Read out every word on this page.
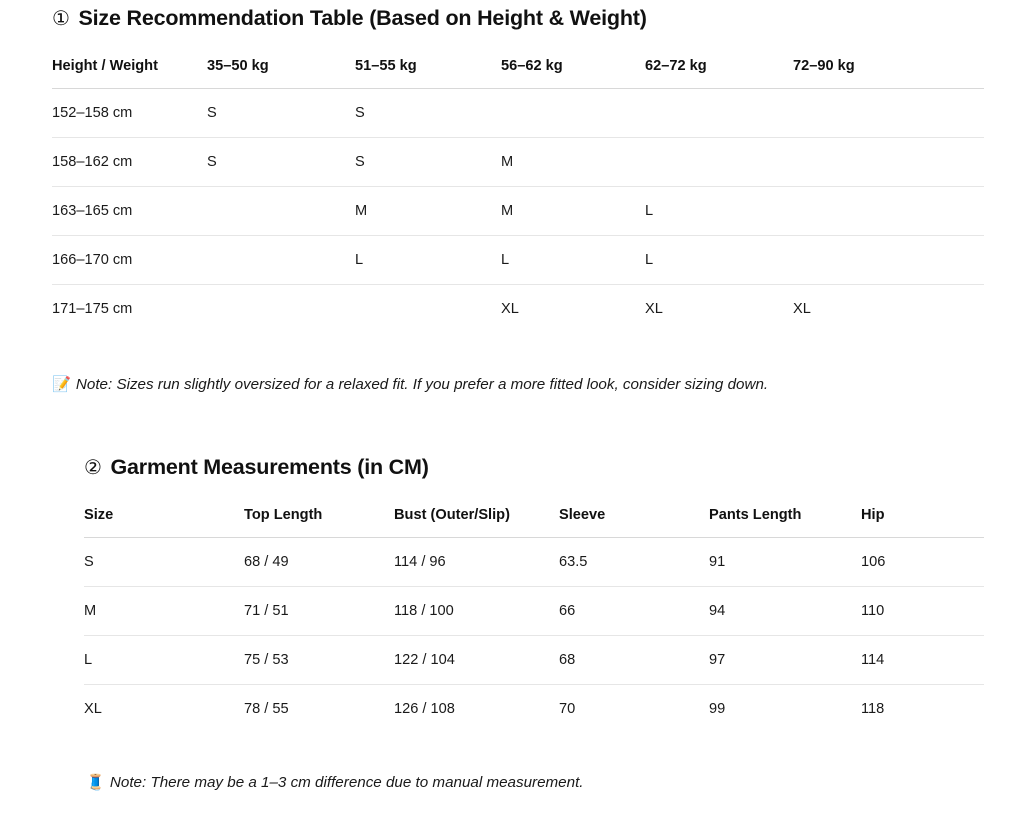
① Size Recommendation Table (Based on Height & Weight)
Height / Weight	35–50 kg	51–55 kg	56–62 kg	62–72 kg	72–90 kg
152–158 cm	S	S			
158–162 cm	S	S	M		
163–165 cm		M	M	L	
166–170 cm		L	L	L	
171–175 cm			XL	XL	XL

📝 Note: Sizes run slightly oversized for a relaxed fit. If you prefer a more fitted look, consider sizing down.

② Garment Measurements (in CM)
Size	Top Length	Bust (Outer/Slip)	Sleeve	Pants Length	Hip
S	68 / 49	114 / 96	63.5	91	106
M	71 / 51	118 / 100	66	94	110
L	75 / 53	122 / 104	68	97	114
XL	78 / 55	126 / 108	70	99	118

🧵 Note: There may be a 1–3 cm difference due to manual measurement.
